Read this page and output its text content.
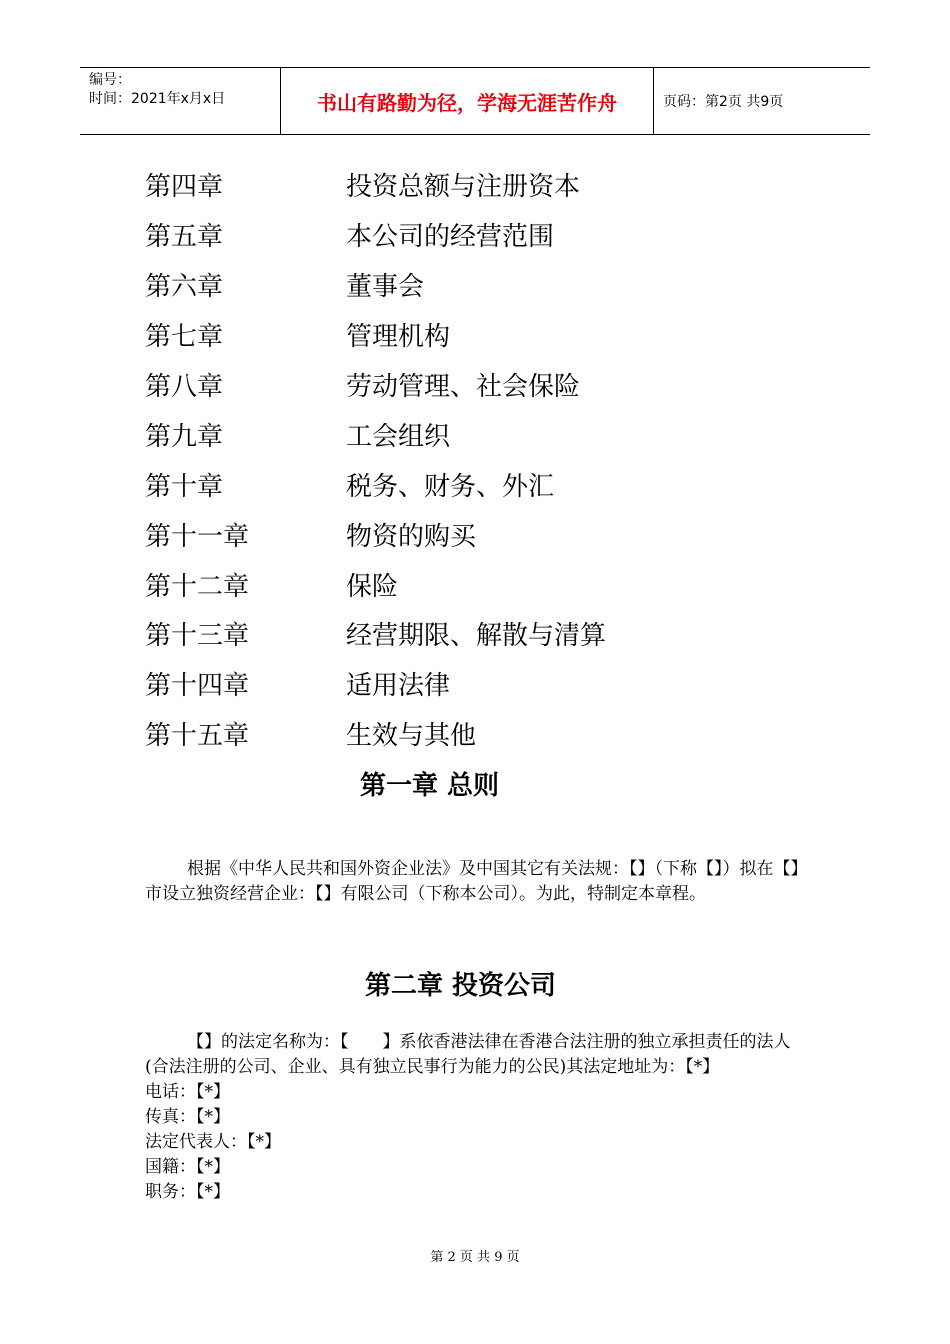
编号：
时间：2021年x月x日	书山有路勤为径，学海无涯苦作舟	页码：第2页 共9页
第四章	投资总额与注册资本
第五章	本公司的经营范围
第六章	董事会
第七章	管理机构
第八章	劳动管理、社会保险
第九章	工会组织
第十章	税务、财务、外汇
第十一章	物资的购买
第十二章	保险
第十三章	经营期限、解散与清算
第十四章	适用法律
第十五章	生效与其他
第一章 总则

根据《中华人民共和国外资企业法》及中国其它有关法规：【】（下称【】）拟在【】市设立独资经营企业：【】有限公司（下称本公司）。为此，特制定本章程。

第二章 投资公司

【】的法定名称为：【　　】系依香港法律在香港合法注册的独立承担责任的法人(合法注册的公司、企业、具有独立民事行为能力的公民)其法定地址为：【*】

电话：【*】
传真：【*】
法定代表人：【*】
国籍：【*】
职务：【*】
第 2 页 共 9 页
